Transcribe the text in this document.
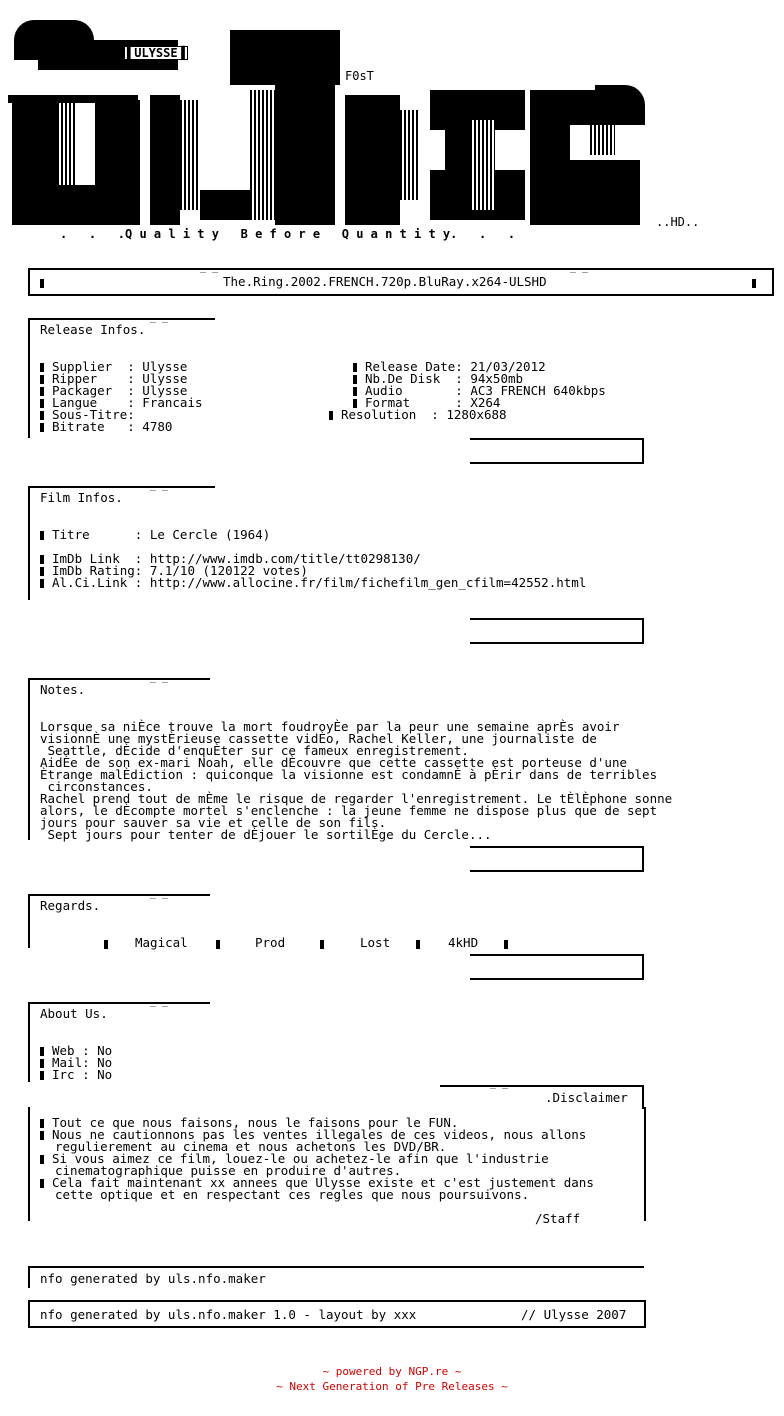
▌ULYSSE▐
F0sT
..HD..
.   .   .Q u a l i t y   B e f o r e   Q u a n t i t y.   .   .
_ _	_ _
The.Ring.2002.FRENCH.720p.BluRay.x264-ULSHD
_ _
Release Infos.
Supplier  : Ulysse
Ripper    : Ulysse
Packager  : Ulysse
Langue    : Francais
Sous-Titre:
Bitrate   : 4780
Release Date: 21/03/2012
Nb.De Disk  : 94x50mb
Audio       : AC3 FRENCH 640kbps
Format      : X264
Resolution  : 1280x688
_ _
Film Infos.
Titre      : Le Cercle (1964)
ImDb Link  : http://www.imdb.com/title/tt0298130/
ImDb Rating: 7.1/10 (120122 votes)
Al.Ci.Link : http://www.allocine.fr/film/fichefilm_gen_cfilm=42552.html
_ _
Notes.
Lorsque sa niÈce trouve la mort foudroyÈe par la peur une semaine aprÈs avoir
visionnÈ une mystÈrieuse cassette vidÈo, Rachel Keller, une journaliste de
Seattle, dÈcide d'enquÈter sur ce fameux enregistrement.
AidÈe de son ex-mari Noah, elle dÈcouvre que cette cassette est porteuse d'une
Ètrange malÈdiction : quiconque la visionne est condamnÈ à pÈrir dans de terribles
circonstances.
Rachel prend tout de mÈme le risque de regarder l'enregistrement. Le tÈlÈphone sonne
alors, le dÈcompte mortel s'enclenche : la jeune femme ne dispose plus que de sept
jours pour sauver sa vie et celle de son fils.
Sept jours pour tenter de dÈjouer le sortilÈge du Cercle...
_ _
Regards.
Magical	Prod	Lost	4kHD
_ _
About Us.
Web : No
Mail: No
Irc : No
_ _
.Disclaimer
Tout ce que nous faisons, nous le faisons pour le FUN.
Nous ne cautionnons pas les ventes illegales de ces videos, nous allons
regulierement au cinema et nous achetons les DVD/BR.
Si vous aimez ce film, louez-le ou achetez-le afin que l'industrie
cinematographique puisse en produire d'autres.
Cela fait maintenant xx annees que Ulysse existe et c'est justement dans
cette optique et en respectant ces regles que nous poursuivons.
/Staff
nfo generated by uls.nfo.maker
nfo generated by uls.nfo.maker 1.0 - layout by xxx	// Ulysse 2007
~ powered by NGP.re ~
~ Next Generation of Pre Releases ~
